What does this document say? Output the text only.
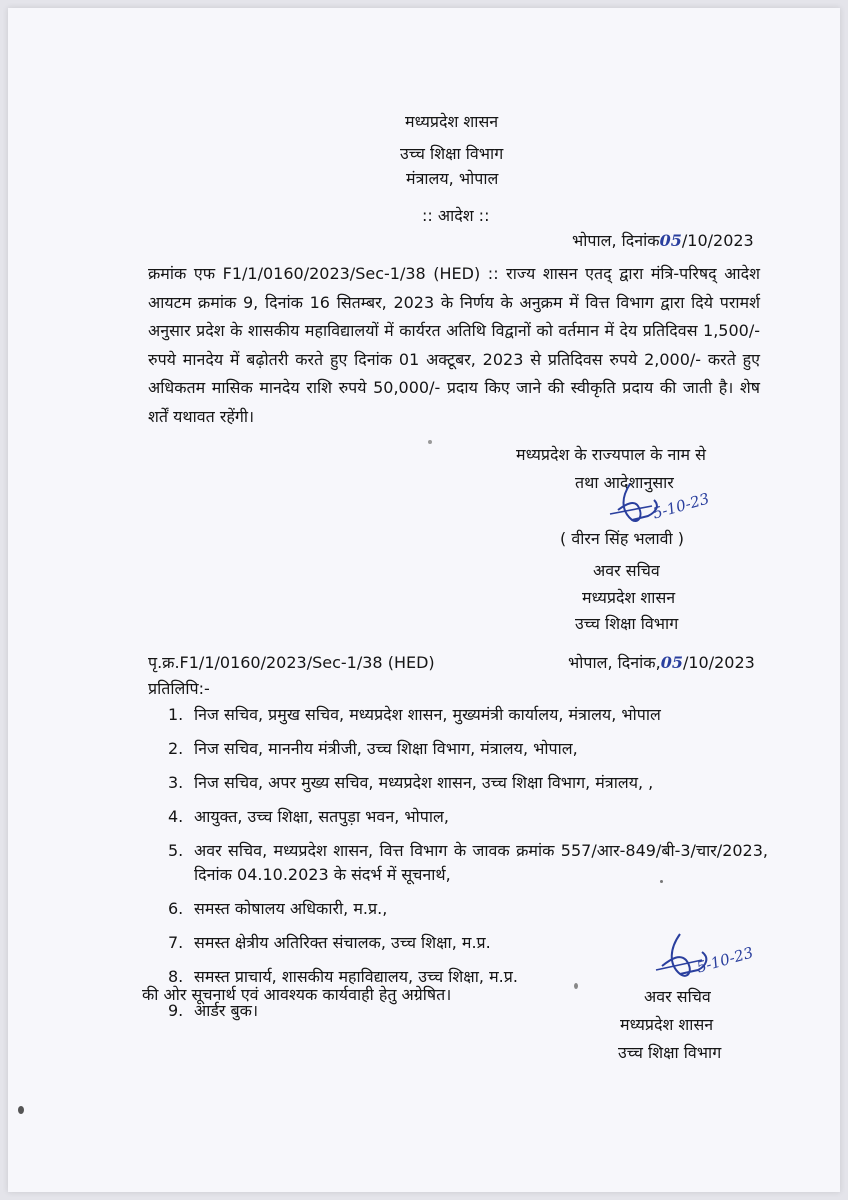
मध्यप्रदेश शासन
उच्च शिक्षा विभाग
मंत्रालय, भोपाल
:: आदेश ::
भोपाल, दिनांक05/10/2023
क्रमांक एफ F1/1/0160/2023/Sec-1/38 (HED) :: राज्य शासन एतद् द्वारा मंत्रि-परिषद् आदेश आयटम क्रमांक 9, दिनांक 16 सितम्बर, 2023 के निर्णय के अनुक्रम में वित्त विभाग द्वारा दिये परामर्श अनुसार प्रदेश के शासकीय महाविद्यालयों में कार्यरत अतिथि विद्वानों को वर्तमान में देय प्रतिदिवस 1,500/- रुपये मानदेय में बढ़ोतरी करते हुए दिनांक 01 अक्टूबर, 2023 से प्रतिदिवस रुपये 2,000/- करते हुए अधिकतम मासिक मानदेय राशि रुपये 50,000/- प्रदाय किए जाने की स्वीकृति प्रदाय की जाती है। शेष शर्तें यथावत रहेंगी।
मध्यप्रदेश के राज्यपाल के नाम से
तथा आदेशानुसार
5-10-23
( वीरन सिंह भलावी )
अवर सचिव
मध्यप्रदेश शासन
उच्च शिक्षा विभाग
पृ.क्र.F1/1/0160/2023/Sec-1/38 (HED)	भोपाल, दिनांक,05/10/2023
प्रतिलिपि:-
1. निज सचिव, प्रमुख सचिव, मध्यप्रदेश शासन, मुख्यमंत्री कार्यालय, मंत्रालय, भोपाल
2. निज सचिव, माननीय मंत्रीजी, उच्च शिक्षा विभाग, मंत्रालय, भोपाल,
3. निज सचिव, अपर मुख्य सचिव, मध्यप्रदेश शासन, उच्च शिक्षा विभाग, मंत्रालय, ,
4. आयुक्त, उच्च शिक्षा, सतपुड़ा भवन, भोपाल,
5. अवर सचिव, मध्यप्रदेश शासन, वित्त विभाग के जावक क्रमांक 557/आर-849/बी-3/चार/2023, दिनांक 04.10.2023 के संदर्भ में सूचनार्थ,
6. समस्त कोषालय अधिकारी, म.प्र.,
7. समस्त क्षेत्रीय अतिरिक्त संचालक, उच्च शिक्षा, म.प्र.
8. समस्त प्राचार्य, शासकीय महाविद्यालय, उच्च शिक्षा, म.प्र.
9. आर्डर बुक।
की ओर सूचनार्थ एवं आवश्यक कार्यवाही हेतु अग्रेषित।
5-10-23
अवर सचिव
मध्यप्रदेश शासन
उच्च शिक्षा विभाग
